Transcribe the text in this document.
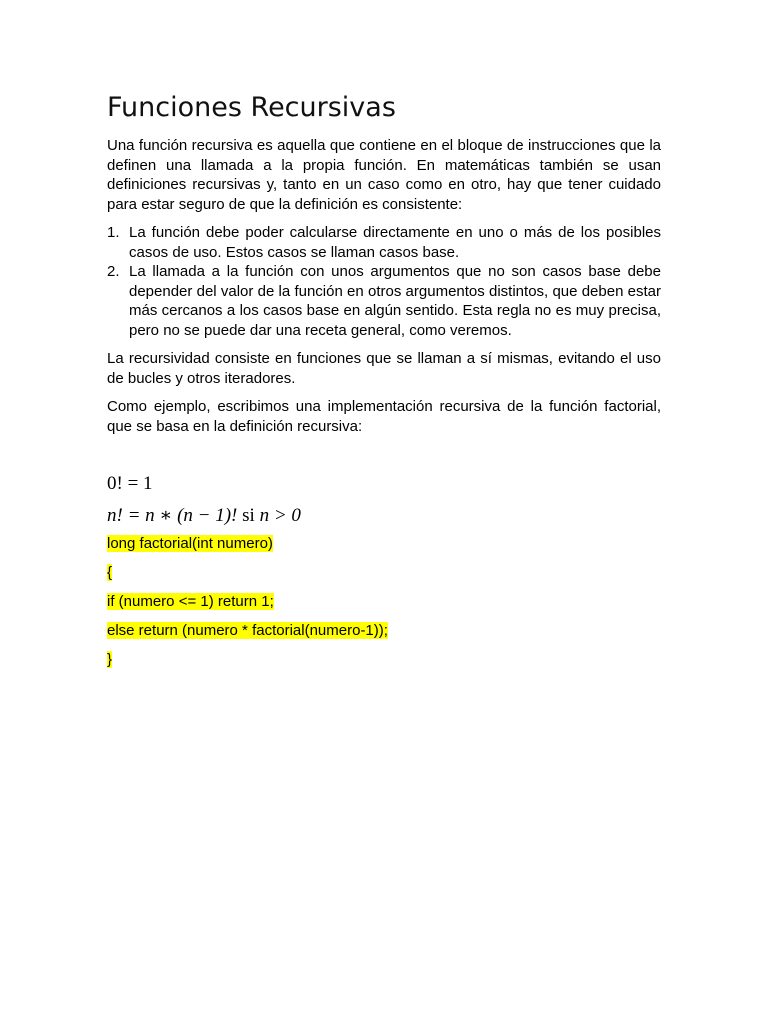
Funciones Recursivas

Una función recursiva es aquella que contiene en el bloque de instrucciones que la definen una llamada a la propia función. En matemáticas también se usan definiciones recursivas y, tanto en un caso como en otro, hay que tener cuidado para estar seguro de que la definición es consistente:

1. La función debe poder calcularse directamente en uno o más de los posibles casos de uso. Estos casos se llaman casos base.
2. La llamada a la función con unos argumentos que no son casos base debe depender del valor de la función en otros argumentos distintos, que deben estar más cercanos a los casos base en algún sentido. Esta regla no es muy precisa, pero no se puede dar una receta general, como veremos.

La recursividad consiste en funciones que se llaman a sí mismas, evitando el uso de bucles y otros iteradores.

Como ejemplo, escribimos una implementación recursiva de la función factorial, que se basa en la definición recursiva:

0! = 1

n! = n ∗ (n − 1)! si n > 0

long factorial(int numero)

{

if (numero <= 1) return 1;

else return (numero * factorial(numero-1));

}
